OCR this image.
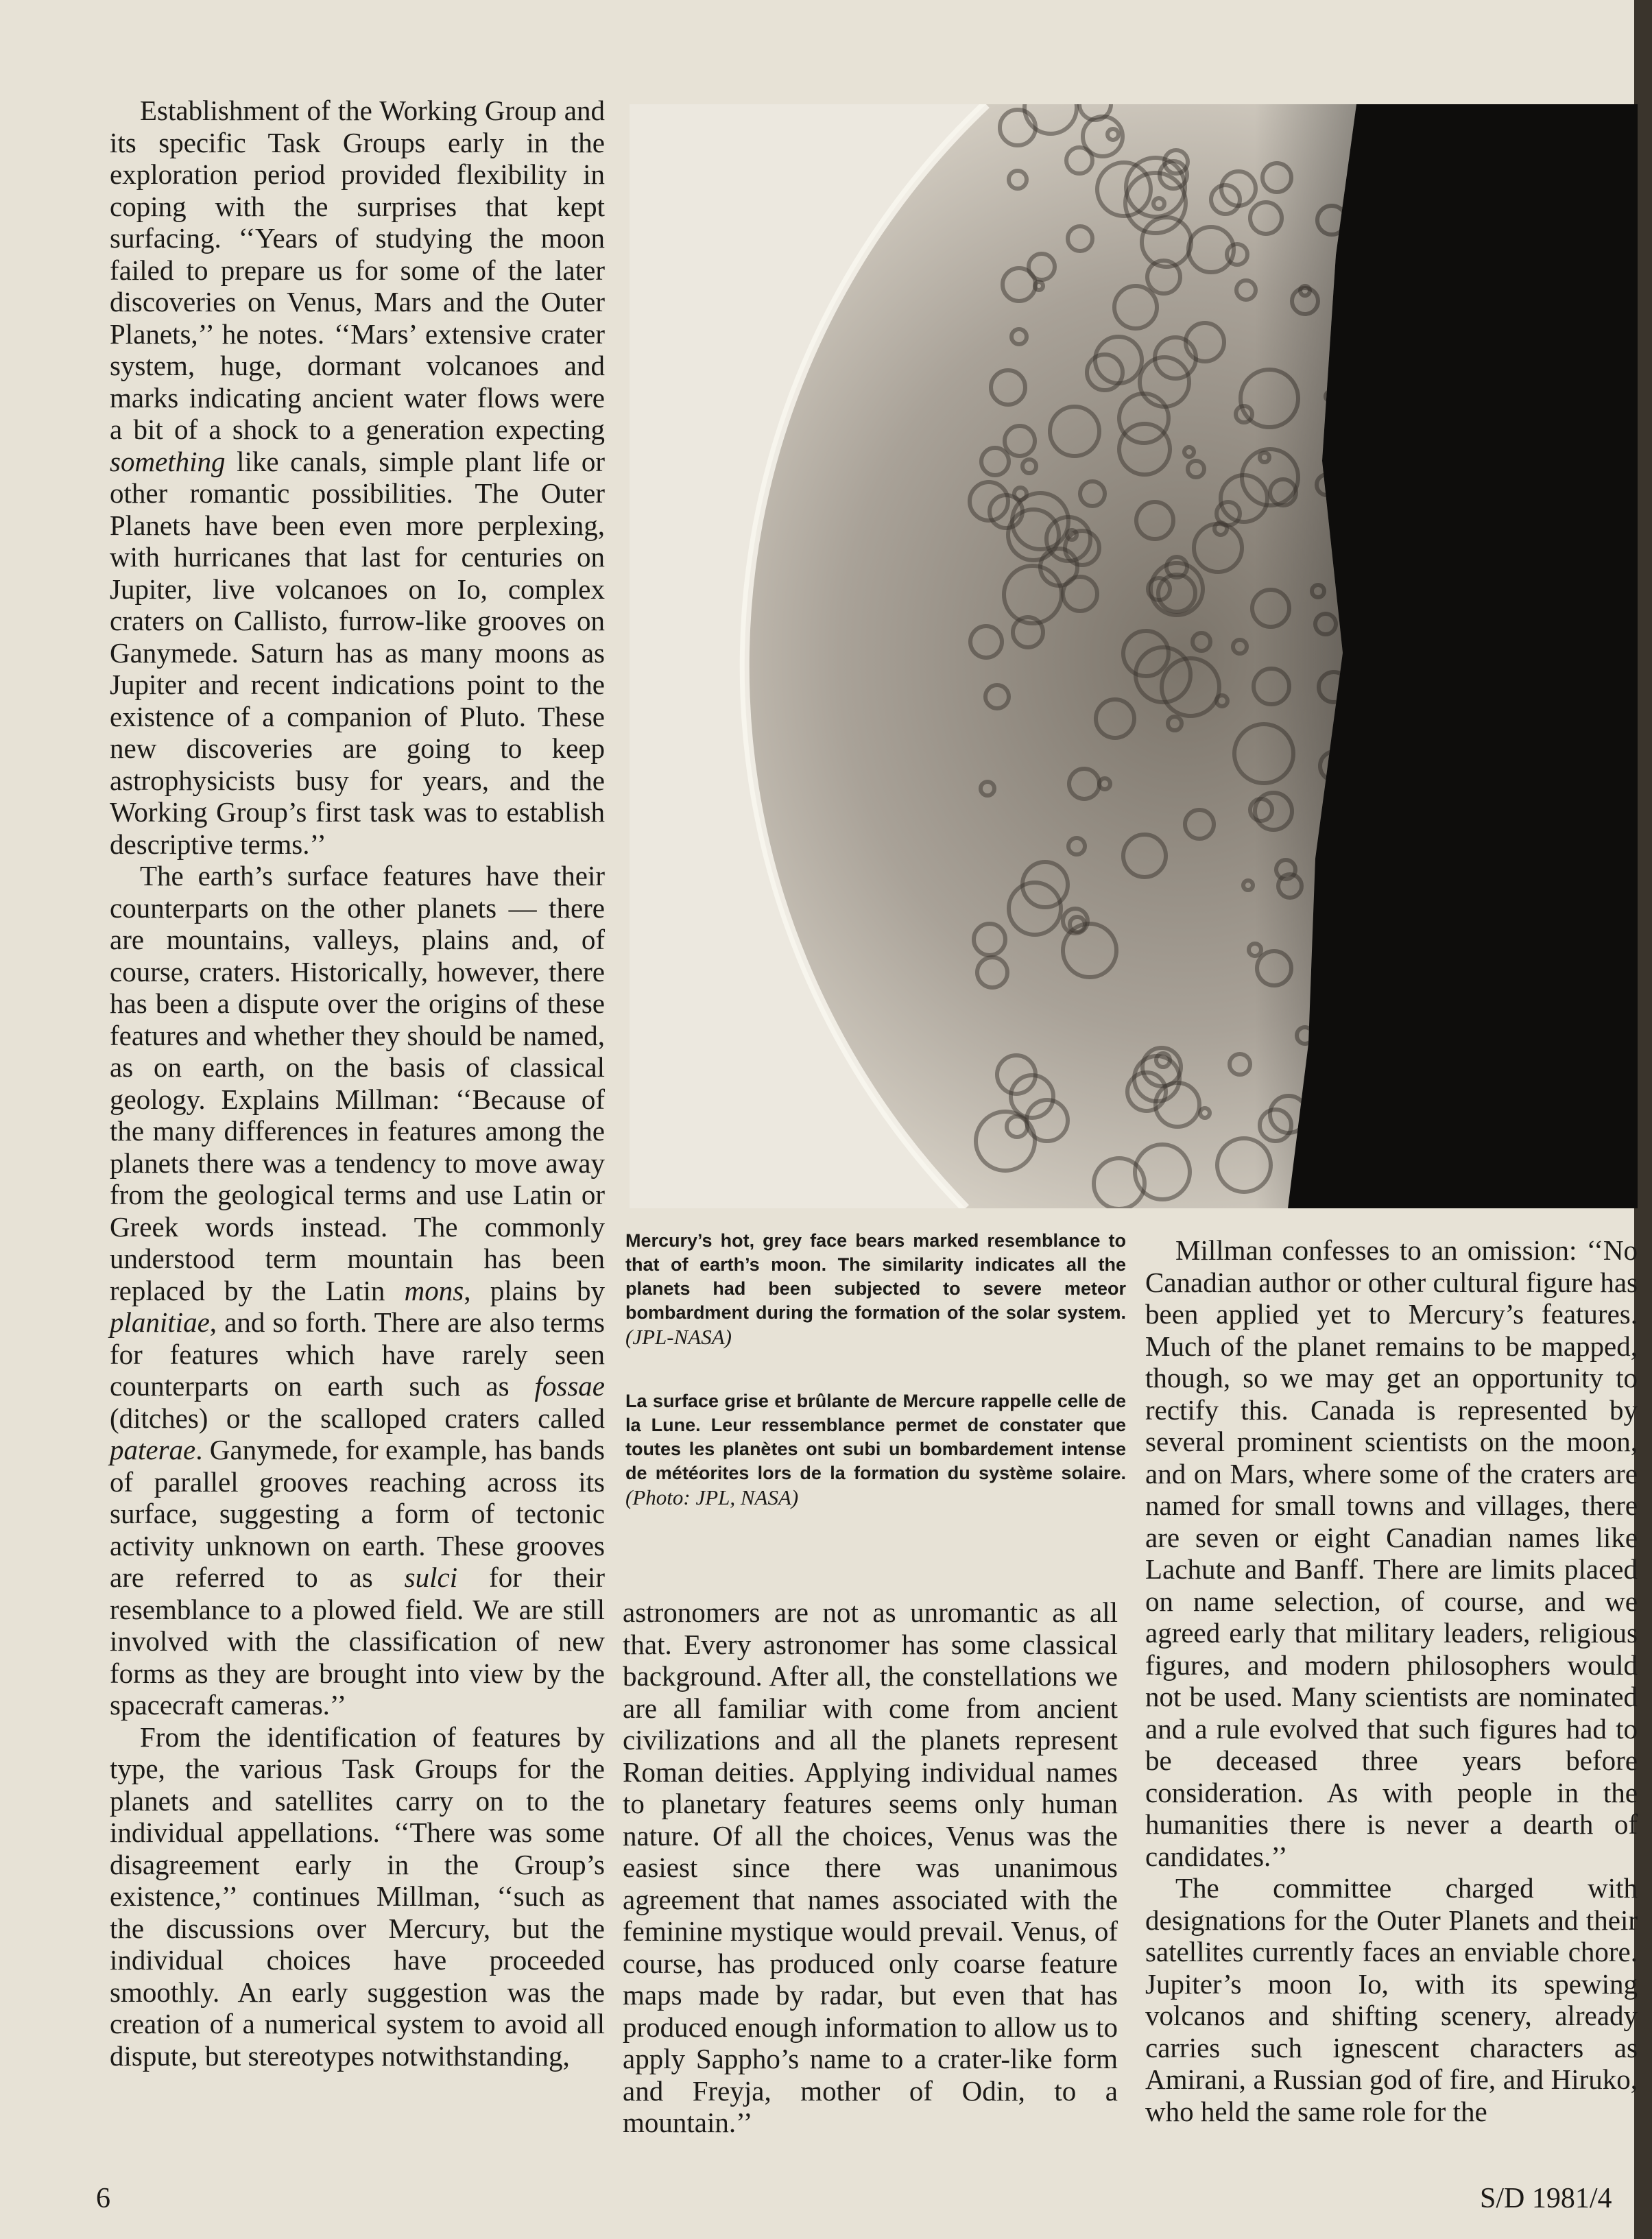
Establishment of the Working Group and its specific Task Groups early in the exploration period provided flexibility in coping with the surprises that kept surfacing. ‘‘Years of studying the moon failed to prepare us for some of the later discoveries on Venus, Mars and the Outer Planets,’’ he notes. ‘‘Mars’ extensive crater system, huge, dormant volcanoes and marks indicating ancient water flows were a bit of a shock to a generation expecting something like canals, simple plant life or other romantic possibilities. The Outer Planets have been even more perplexing, with hurricanes that last for centuries on Jupiter, live volcanoes on Io, complex craters on Callisto, furrow-like grooves on Ganymede. Saturn has as many moons as Jupiter and recent indications point to the existence of a companion of Pluto. These new discoveries are going to keep astrophysicists busy for years, and the Working Group’s first task was to establish descriptive terms.’’

The earth’s surface features have their counterparts on the other planets — there are mountains, valleys, plains and, of course, craters. Historically, however, there has been a dispute over the origins of these features and whether they should be named, as on earth, on the basis of classical geology. Explains Millman: ‘‘Because of the many differences in features among the planets there was a tendency to move away from the geological terms and use Latin or Greek words instead. The commonly understood term mountain has been replaced by the Latin mons, plains by planitiae, and so forth. There are also terms for features which have rarely seen counterparts on earth such as fossae (ditches) or the scalloped craters called paterae. Ganymede, for example, has bands of parallel grooves reaching across its surface, suggesting a form of tectonic activity unknown on earth. These grooves are referred to as sulci for their resemblance to a plowed field. We are still involved with the classification of new forms as they are brought into view by the spacecraft cameras.’’

From the identification of features by type, the various Task Groups for the planets and satellites carry on to the individual appellations. ‘‘There was some disagreement early in the Group’s existence,’’ continues Millman, ‘‘such as the discussions over Mercury, but the individual choices have proceeded smoothly. An early suggestion was the creation of a numerical system to avoid all dispute, but stereotypes notwithstanding,

Mercury’s hot, grey face bears marked resemblance to that of earth’s moon. The similarity indicates all the planets had been subjected to severe meteor bombardment during the formation of the solar system. (JPL-NASA)
La surface grise et brûlante de Mercure rappelle celle de la Lune. Leur ressemblance permet de constater que toutes les planètes ont subi un bombardement intense de météorites lors de la formation du système solaire. (Photo: JPL, NASA)

astronomers are not as unromantic as all that. Every astronomer has some classical background. After all, the constellations we are all familiar with come from ancient civilizations and all the planets represent Roman deities. Applying individual names to planetary features seems only human nature. Of all the choices, Venus was the easiest since there was unanimous agreement that names associated with the feminine mystique would prevail. Venus, of course, has produced only coarse feature maps made by radar, but even that has produced enough information to allow us to apply Sappho’s name to a crater-like form and Freyja, mother of Odin, to a mountain.’’

Millman confesses to an omission: ‘‘No Canadian author or other cultural figure has been applied yet to Mercury’s features. Much of the planet remains to be mapped, though, so we may get an opportunity to rectify this. Canada is represented by several prominent scientists on the moon, and on Mars, where some of the craters are named for small towns and villages, there are seven or eight Canadian names like Lachute and Banff. There are limits placed on name selection, of course, and we agreed early that military leaders, religious figures, and modern philosophers would not be used. Many scientists are nominated and a rule evolved that such figures had to be deceased three years before consideration. As with people in the humanities there is never a dearth of candidates.’’

The committee charged with designations for the Outer Planets and their satellites currently faces an enviable chore. Jupiter’s moon Io, with its spewing volcanos and shifting scenery, already carries such ignescent characters as Amirani, a Russian god of fire, and Hiruko, who held the same role for the

6	S/D 1981/4
